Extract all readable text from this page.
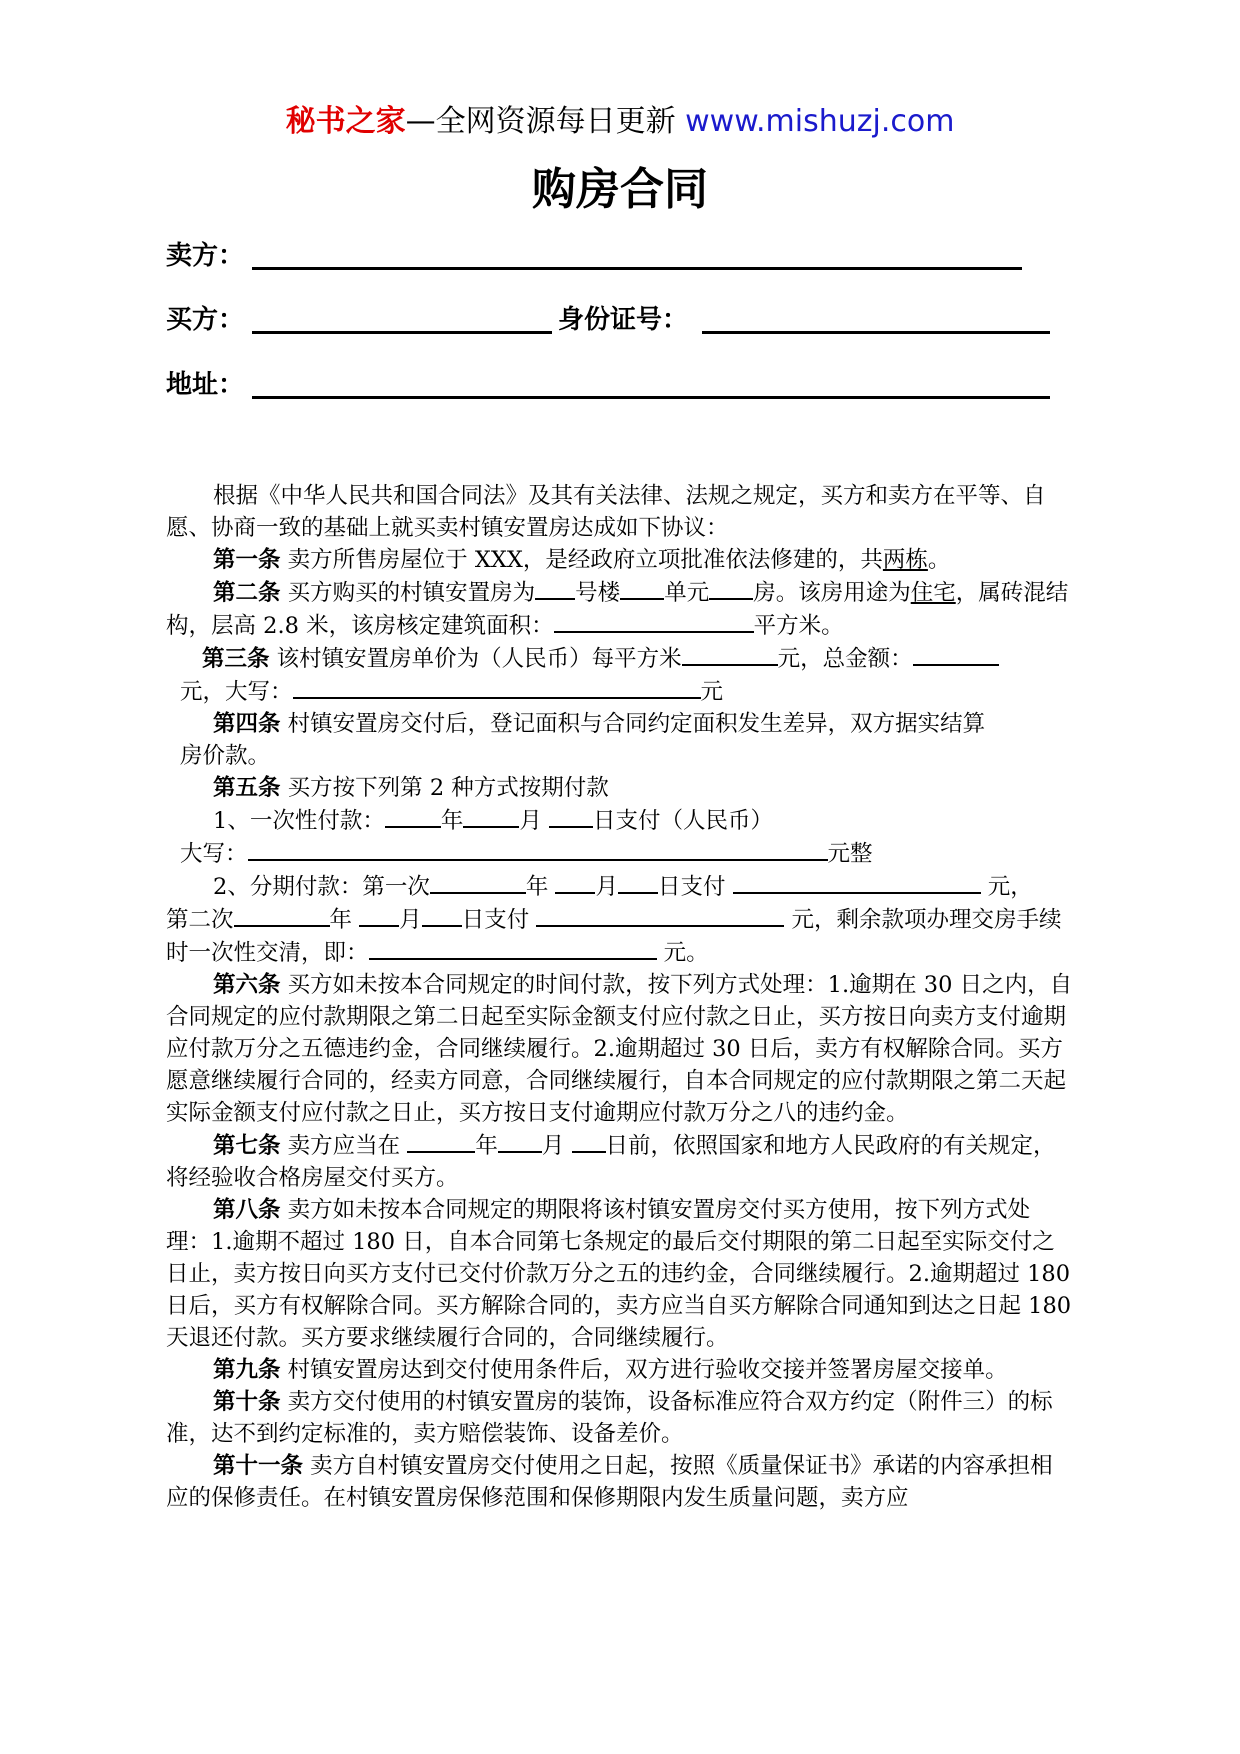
秘书之家—全网资源每日更新 www.mishuzj.com
购房合同
卖方：
买方：	身份证号：
地址：

根据《中华人民共和国合同法》及其有关法律、法规之规定，买方和卖方在平等、自愿、协商一致的基础上就买卖村镇安置房达成如下协议：

第一条 卖方所售房屋位于 XXX，是经政府立项批准依法修建的，共两栋。

第二条 买方购买的村镇安置房为 号楼 单元 房。该房用途为住宅，属砖混结构，层高 2.8 米，该房核定建筑面积：	平方米。

第三条 该村镇安置房单价为（人民币）每平方米	元，总金额：
元，大写：	元

第四条 村镇安置房交付后，登记面积与合同约定面积发生差异，双方据实结算

房价款。

第五条 买方按下列第 2 种方式按期付款

1、一次性付款： 年 月 日支付（人民币）

大写：	元整

2、分期付款：第一次	年 月 日支付	元，
第二次	年 月 日支付	元，剩余款项办理交房手续时一次性交清，即：	元。

第六条 买方如未按本合同规定的时间付款，按下列方式处理：1.逾期在 30 日之内，自合同规定的应付款期限之第二日起至实际金额支付应付款之日止，买方按日向卖方支付逾期应付款万分之五德违约金，合同继续履行。2.逾期超过 30 日后，卖方有权解除合同。买方愿意继续履行合同的，经卖方同意，合同继续履行，自本合同规定的应付款期限之第二天起实际金额支付应付款之日止，买方按日支付逾期应付款万分之八的违约金。

第七条 卖方应当在	年 月 日前，依照国家和地方人民政府的有关规定，将经验收合格房屋交付买方。

第八条 卖方如未按本合同规定的期限将该村镇安置房交付买方使用，按下列方式处理：1.逾期不超过 180 日，自本合同第七条规定的最后交付期限的第二日起至实际交付之日止，卖方按日向买方支付已交付价款万分之五的违约金，合同继续履行。2.逾期超过 180 日后，买方有权解除合同。买方解除合同的，卖方应当自买方解除合同通知到达之日起 180 天退还付款。买方要求继续履行合同的，合同继续履行。

第九条 村镇安置房达到交付使用条件后，双方进行验收交接并签署房屋交接单。

第十条 卖方交付使用的村镇安置房的装饰，设备标准应符合双方约定（附件三）的标准，达不到约定标准的，卖方赔偿装饰、设备差价。

第十一条 卖方自村镇安置房交付使用之日起，按照《质量保证书》承诺的内容承担相应的保修责任。在村镇安置房保修范围和保修期限内发生质量问题，卖方应
